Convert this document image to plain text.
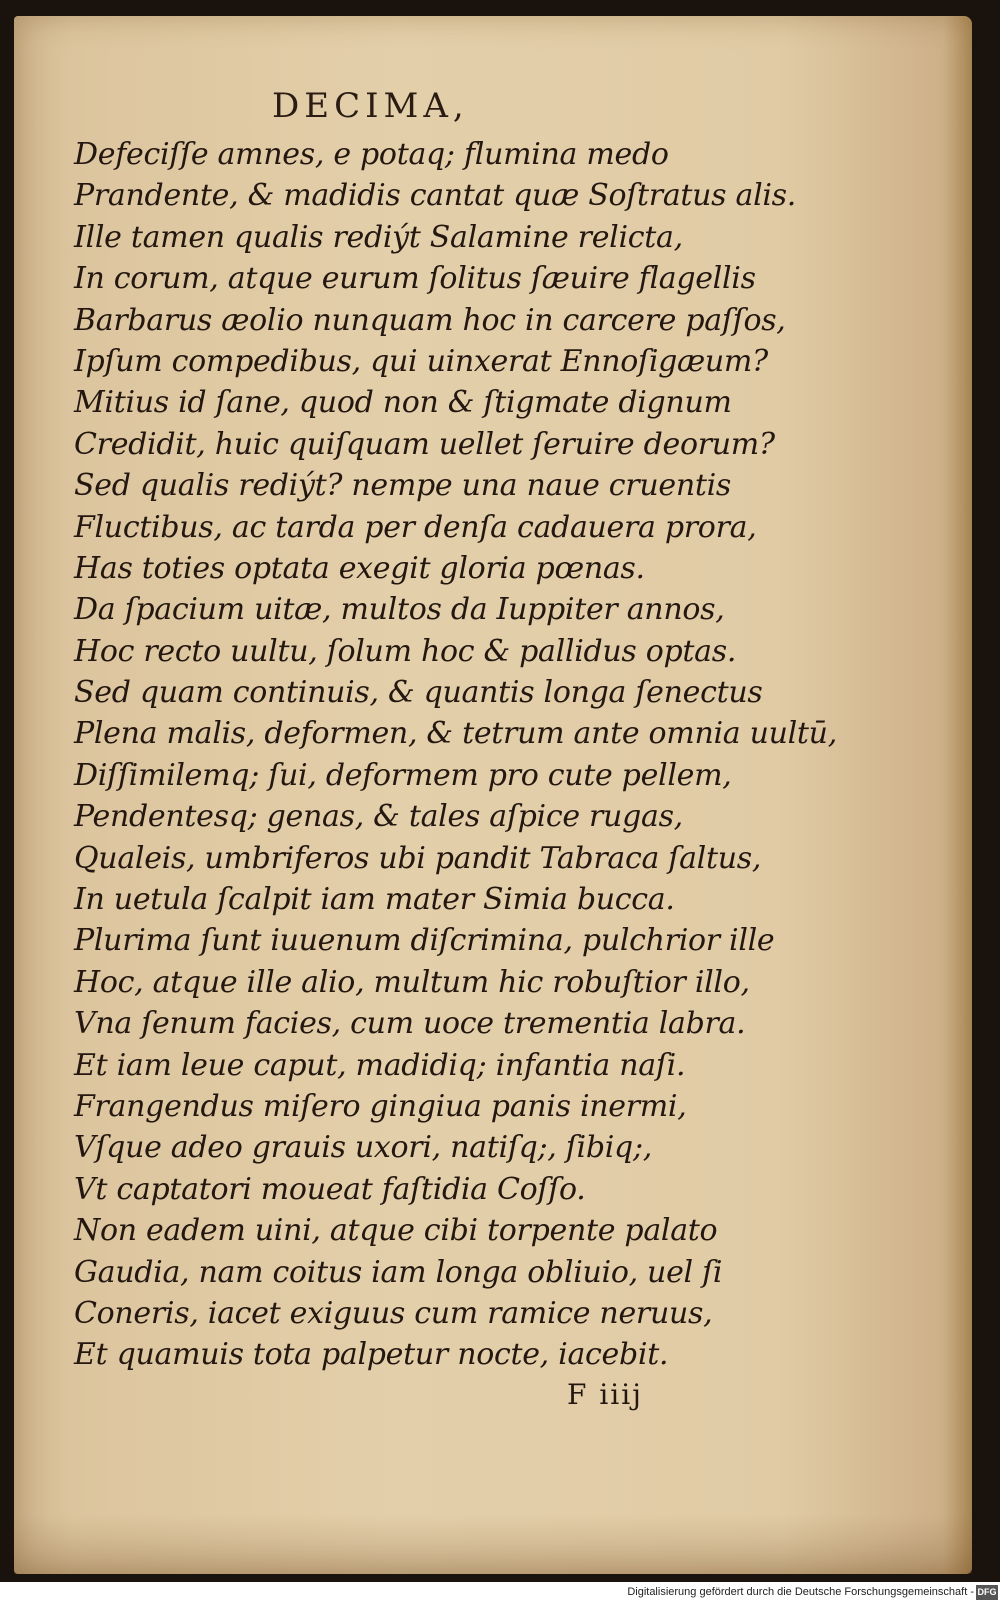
DECIMA,
Defeciſſe amnes, e potaq; flumina medo
Prandente, & madidis cantat quæ Soſtratus alis.
Ille tamen qualis rediýt Salamine relicta,
In corum, atque eurum ſolitus ſæuire flagellis
Barbarus æolio nunquam hoc in carcere paſſos,
Ipſum compedibus, qui uinxerat Ennoſigæum?
Mitius id ſane, quod non & ſtigmate dignum
Credidit, huic quiſquam uellet ſeruire deorum?
Sed qualis rediýt? nempe una naue cruentis
Fluctibus, ac tarda per denſa cadauera prora,
Has toties optata exegit gloria pœnas.
Da ſpacium uitæ, multos da Iuppiter annos,
Hoc recto uultu, ſolum hoc & pallidus optas.
Sed quam continuis, & quantis longa ſenectus
Plena malis, deformen, & tetrum ante omnia uultū,
Diſſimilemq; ſui, deformem pro cute pellem,
Pendentesq; genas, & tales aſpice rugas,
Qualeis, umbriferos ubi pandit Tabraca ſaltus,
In uetula ſcalpit iam mater Simia bucca.
Plurima ſunt iuuenum diſcrimina, pulchrior ille
Hoc, atque ille alio, multum hic robuſtior illo,
Vna ſenum facies, cum uoce trementia labra.
Et iam leue caput, madidiq; infantia naſi.
Frangendus miſero gingiua panis inermi,
Vſque adeo grauis uxori, natiſq;, ſibiq;,
Vt captatori moueat faſtidia Coſſo.
Non eadem uini, atque cibi torpente palato
Gaudia, nam coitus iam longa obliuio, uel ſi
Coneris, iacet exiguus cum ramice neruus,
Et quamuis tota palpetur nocte, iacebit.
F iiij
Digitalisierung gefördert durch die Deutsche Forschungsgemeinschaft - DFG
